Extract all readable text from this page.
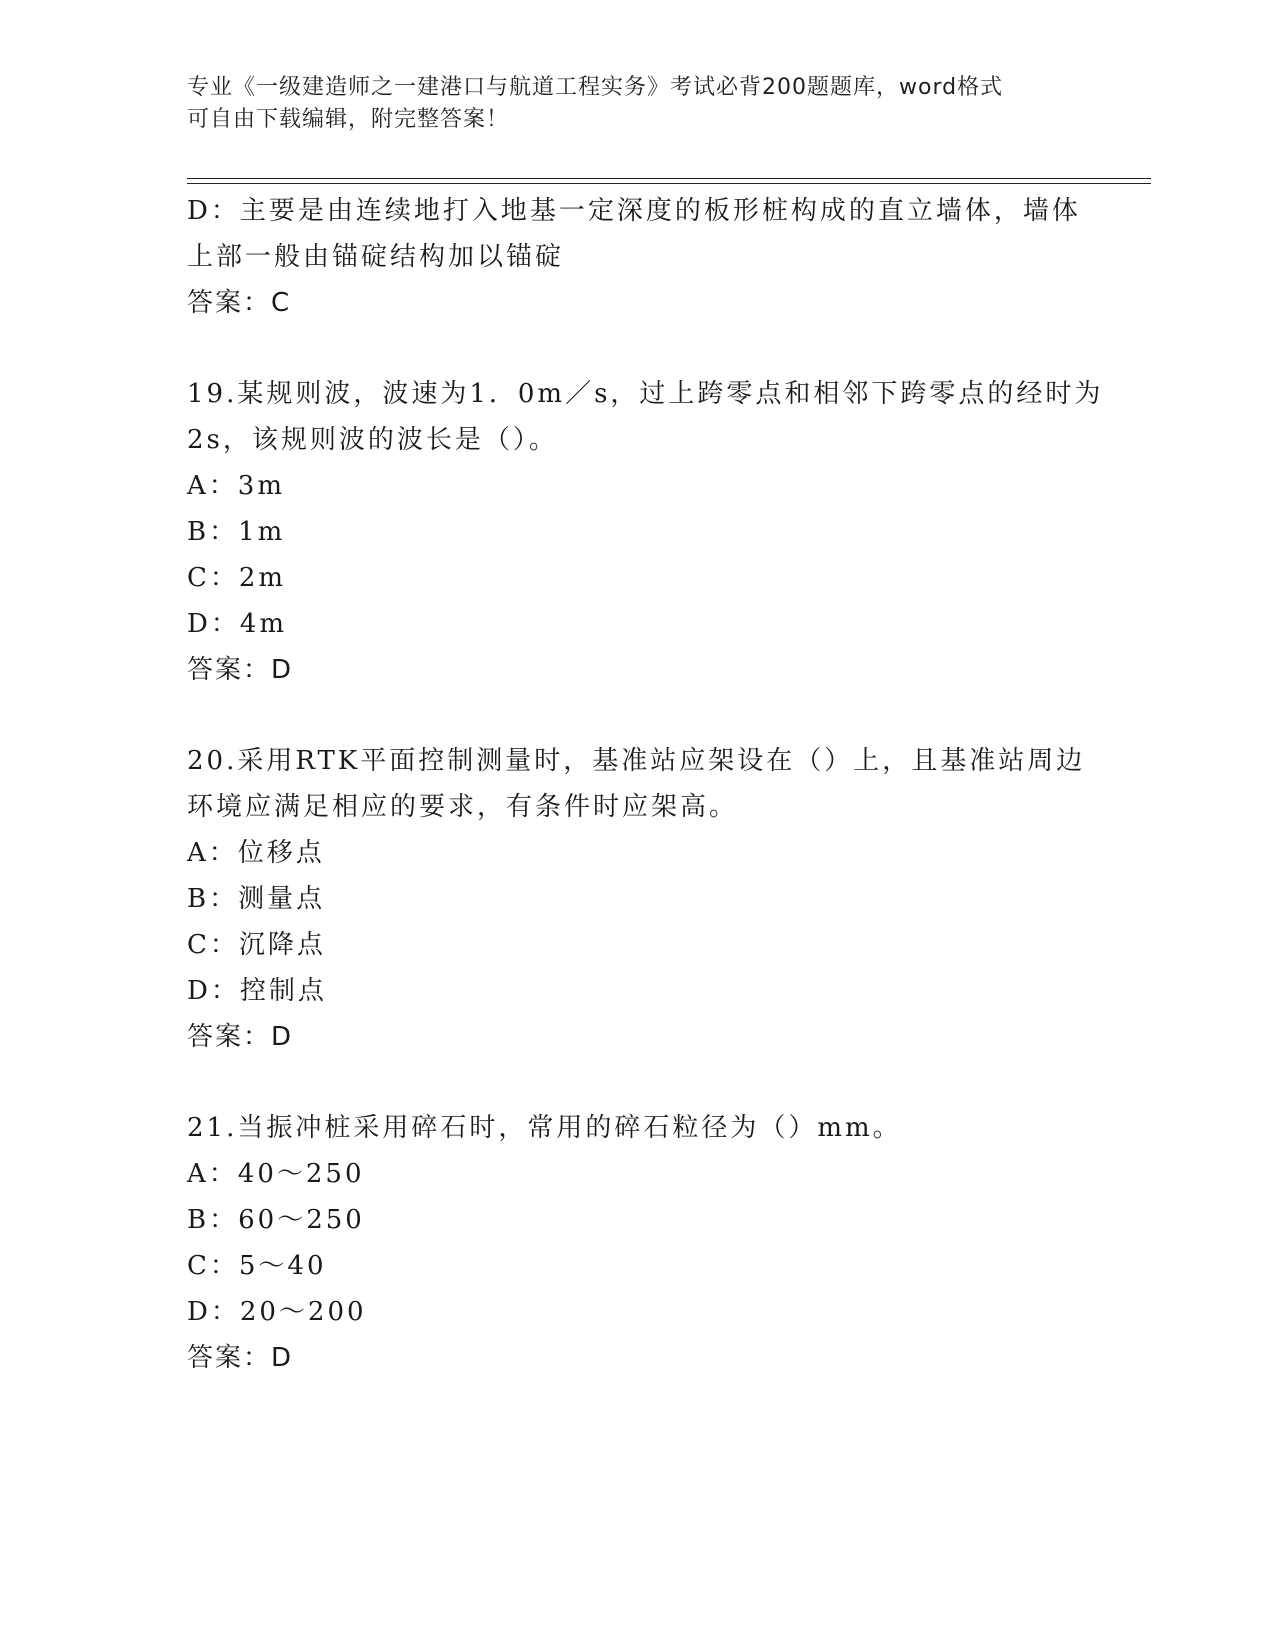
专业《一级建造师之一建港口与航道工程实务》考试必背200题题库，word格式
可自由下载编辑，附完整答案！
D：主要是由连续地打入地基一定深度的板形桩构成的直立墙体，墙体
上部一般由锚碇结构加以锚碇
答案：C
19.某规则波，波速为1．0m／s，过上跨零点和相邻下跨零点的经时为
2s，该规则波的波长是（）。
A：3m
B：1m
C：2m
D：4m
答案：D
20.采用RTK平面控制测量时，基准站应架设在（）上，且基准站周边
环境应满足相应的要求，有条件时应架高。
A：位移点
B：测量点
C：沉降点
D：控制点
答案：D
21.当振冲桩采用碎石时，常用的碎石粒径为（）mm。
A：40～250
B：60～250
C：5～40
D：20～200
答案：D
